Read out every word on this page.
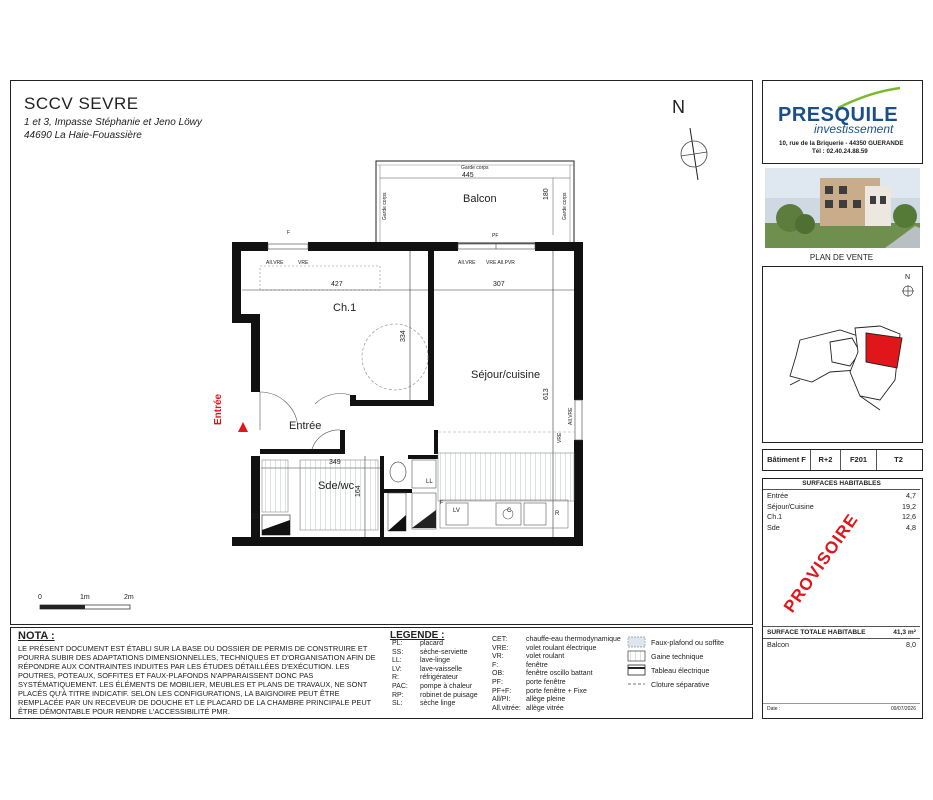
SCCV SEVRE
1 et 3, Impasse Stéphanie et Jeno Löwy
44690 La Haie-Fouassière
Balcon
Ch.1
Séjour/cuisine
Entrée
Sde/wc
Entrée
445
180
427
334
307
613
349
164
Garde corps
Garde corps	Garde corps
F	PF
AIl.VRE	VRE	AIl.VRE VRE AIl.PVR
VRE
AIl.VRE
LL
SS
LV	C	R
F
N
0	1m	2m
NOTA :
LE PRÉSENT DOCUMENT EST ÉTABLI SUR LA BASE DU DOSSIER DE PERMIS DE CONSTRUIRE ET POURRA SUBIR DES ADAPTATIONS DIMENSIONNELLES, TECHNIQUES ET D'ORGANISATION AFIN DE RÉPONDRE AUX CONTRAINTES INDUITES PAR LES ÉTUDES DÉTAILLÉES D'EXÉCUTION. LES POUTRES, POTEAUX, SOFFITES ET FAUX-PLAFONDS N'APPARAISSENT DONC PAS SYSTÉMATIQUEMENT. LES ÉLÉMENTS DE MOBILIER, MEUBLES ET PLANS DE TRAVAUX, NE SONT PLACÉS QU'À TITRE INDICATIF. SELON LES CONFIGURATIONS, LA BAIGNOIRE PEUT ÊTRE REMPLACÉE PAR UN RECEVEUR DE DOUCHE ET LE PLACARD DE LA CHAMBRE PRINCIPALE PEUT ÊTRE DÉMONTABLE POUR RENDRE L'ACCESSIBILITÉ PMR.
LEGENDE :
PL: placard
SS: sèche-serviette
LL:	lave-linge
LV:	lave-vaisselle
R:	réfrigérateur
PAC: pompe à chaleur
RP: robinet de puisage
SL: sèche linge
CET:	chauffe-eau thermodynamique
VRE:	volet roulant électrique
VR:	volet roulant
F:	fenêtre
OB:	fenêtre oscillo battant
PF:	porte fenêtre
PF+F: porte fenêtre + Fixe
All/PI: allège pleine
All.vitrée: allège vitrée
Faux-plafond ou soffite
Gaine technique
Tableau électrique
Cloture séparative
PRESQUILE
investissement
10, rue de la Briquerie - 44350 GUERANDE
Tél : 02.40.24.88.59
PLAN DE VENTE
N
Bâtiment F	R+2	F201	T2
SURFACES HABITABLES
Entrée	4,7
Séjour/Cuisine	19,2
Ch.1	12,6
Sde	4,8
PROVISOIRE
SURFACE TOTALE HABITABLE	41,3 m²
Balcon	8,0
Date :	09/07/2026
